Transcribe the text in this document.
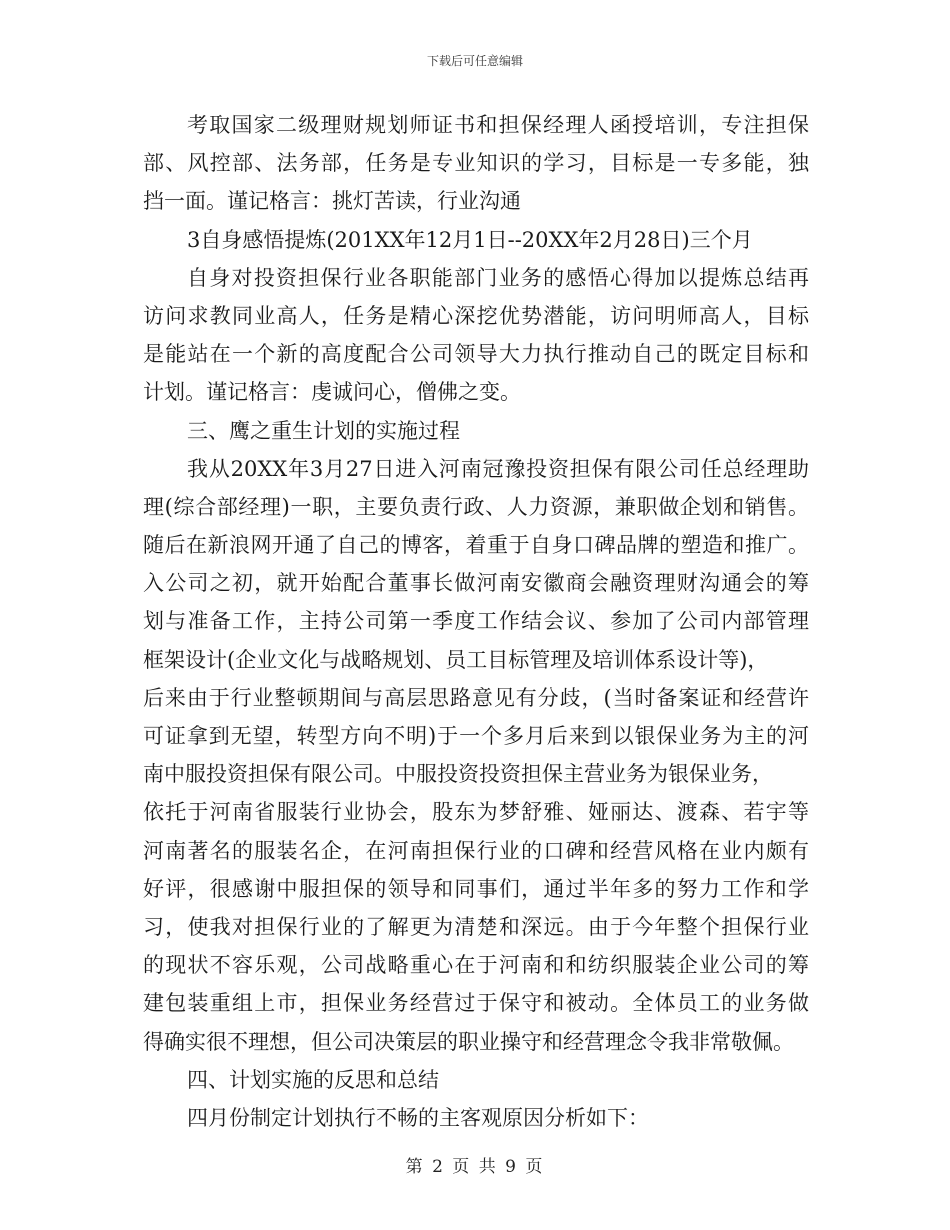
下载后可任意编辑
考取国家二级理财规划师证书和担保经理人函授培训，专注担保
部、风控部、法务部，任务是专业知识的学习，目标是一专多能，独
挡一面。谨记格言：挑灯苦读，行业沟通
3自身感悟提炼(201XX年12月1日--20XX年2月28日)三个月
自身对投资担保行业各职能部门业务的感悟心得加以提炼总结再
访问求教同业高人，任务是精心深挖优势潜能，访问明师高人，目标
是能站在一个新的高度配合公司领导大力执行推动自己的既定目标和
计划。谨记格言：虔诚问心，僧佛之变。
三、鹰之重生计划的实施过程
我从20XX年3月27日进入河南冠豫投资担保有限公司任总经理助
理(综合部经理)一职，主要负责行政、人力资源，兼职做企划和销售。
随后在新浪网开通了自己的博客，着重于自身口碑品牌的塑造和推广。
入公司之初，就开始配合董事长做河南安徽商会融资理财沟通会的筹
划与准备工作，主持公司第一季度工作结会议、参加了公司内部管理
框架设计(企业文化与战略规划、员工目标管理及培训体系设计等)，
后来由于行业整顿期间与高层思路意见有分歧，(当时备案证和经营许
可证拿到无望，转型方向不明)于一个多月后来到以银保业务为主的河
南中服投资担保有限公司。中服投资投资担保主营业务为银保业务，
依托于河南省服装行业协会，股东为梦舒雅、娅丽达、渡森、若宇等
河南著名的服装名企，在河南担保行业的口碑和经营风格在业内颇有
好评，很感谢中服担保的领导和同事们，通过半年多的努力工作和学
习，使我对担保行业的了解更为清楚和深远。由于今年整个担保行业
的现状不容乐观，公司战略重心在于河南和和纺织服装企业公司的筹
建包装重组上市，担保业务经营过于保守和被动。全体员工的业务做
得确实很不理想，但公司决策层的职业操守和经营理念令我非常敬佩。
四、计划实施的反思和总结
四月份制定计划执行不畅的主客观原因分析如下：
第 2 页 共 9 页
